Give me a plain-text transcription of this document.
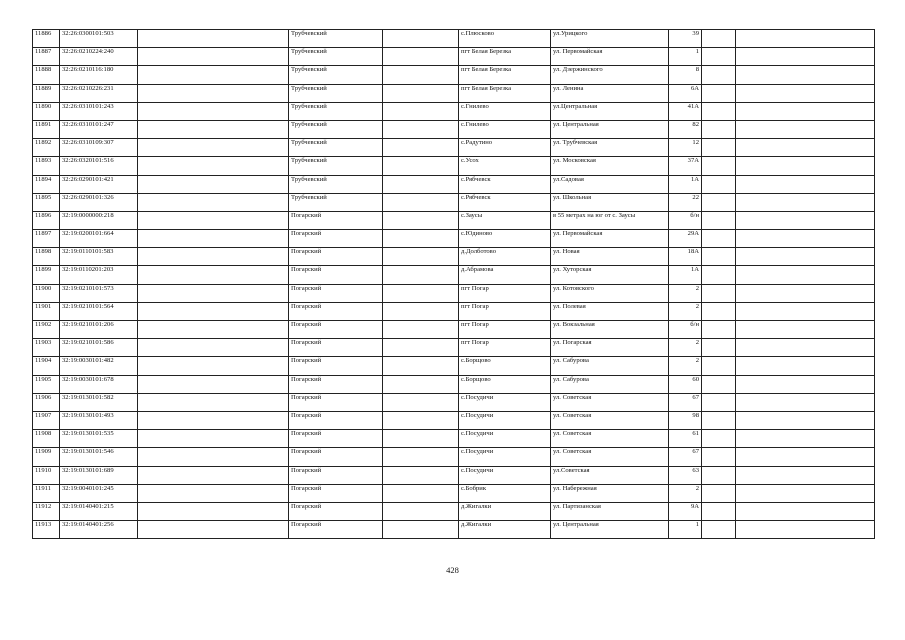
11886	32:26:0300101:503		Трубчевский		с.Плюсково	ул.Урицкого	39		
11887	32:26:0210224:240		Трубчевский		пгт Белая Березка	ул. Первомайская	1		
11888	32:26:0210116:180		Трубчевский		пгт Белая Березка	ул. Дзержинского	8		
11889	32:26:0210226:231		Трубчевский		пгт Белая Березка	ул. Ленина	6А		
11890	32:26:0310101:243		Трубчевский		с.Гнилево	ул.Центральная	41А		
11891	32:26:0310101:247		Трубчевский		с.Гнилево	ул. Центральная	82		
11892	32:26:0310109:307		Трубчевский		с.Радутино	ул. Трубчевская	12		
11893	32:26:0320101:516		Трубчевский		с.Усох	ул. Московская	37А		
11894	32:26:0290101:421		Трубчевский		с.Рябчевск	ул.Садовая	1А		
11895	32:26:0290101:326		Трубчевский		с.Рябчевск	ул. Школьная	22		
11896	32:19:0000000:218		Погарский		с.Заусы	в 55 метрах на юг от с. Заусы	б/н		
11897	32:19:0200101:664		Погарский		с.Юдиново	ул. Первомайская	29А		
11898	32:19:0110101:583		Погарский		д.Долботово	ул. Новая	18А		
11899	32:19:0110201:203		Погарский		д.Абрамова	ул. Хуторская	1А		
11900	32:19:0210101:573		Погарский		пгт Погар	ул. Котовского	2		
11901	32:19:0210101:564		Погарский		пгт Погар	ул. Полевая	2		
11902	32:19:0210101:206		Погарский		пгт Погар	ул. Вокзальная	б/н		
11903	32:19:0210101:586		Погарский		пгт Погар	ул. Погарская	2		
11904	32:19:0030101:482		Погарский		с.Борщово	ул. Сабурова	2		
11905	32:19:0030101:678		Погарский		с.Борщово	ул. Сабурова	60		
11906	32:19:0130101:582		Погарский		с.Посудичи	ул. Советская	67		
11907	32:19:0130101:493		Погарский		с.Посудичи	ул. Советская	98		
11908	32:19:0130101:535		Погарский		с.Посудичи	ул. Советская	61		
11909	32:19:0130101:546		Погарский		с.Посудичи	ул. Советская	67		
11910	32:19:0130101:689		Погарский		с.Посудичи	ул.Советская	63		
11911	32:19:0040101:245		Погарский		с.Бобрик	ул. Набережная	2		
11912	32:19:0140401:215		Погарский		д.Жигалки	ул. Партизанская	9А		
11913	32:19:0140401:256		Погарский		д.Жигалки	ул. Центральная	1		
428
